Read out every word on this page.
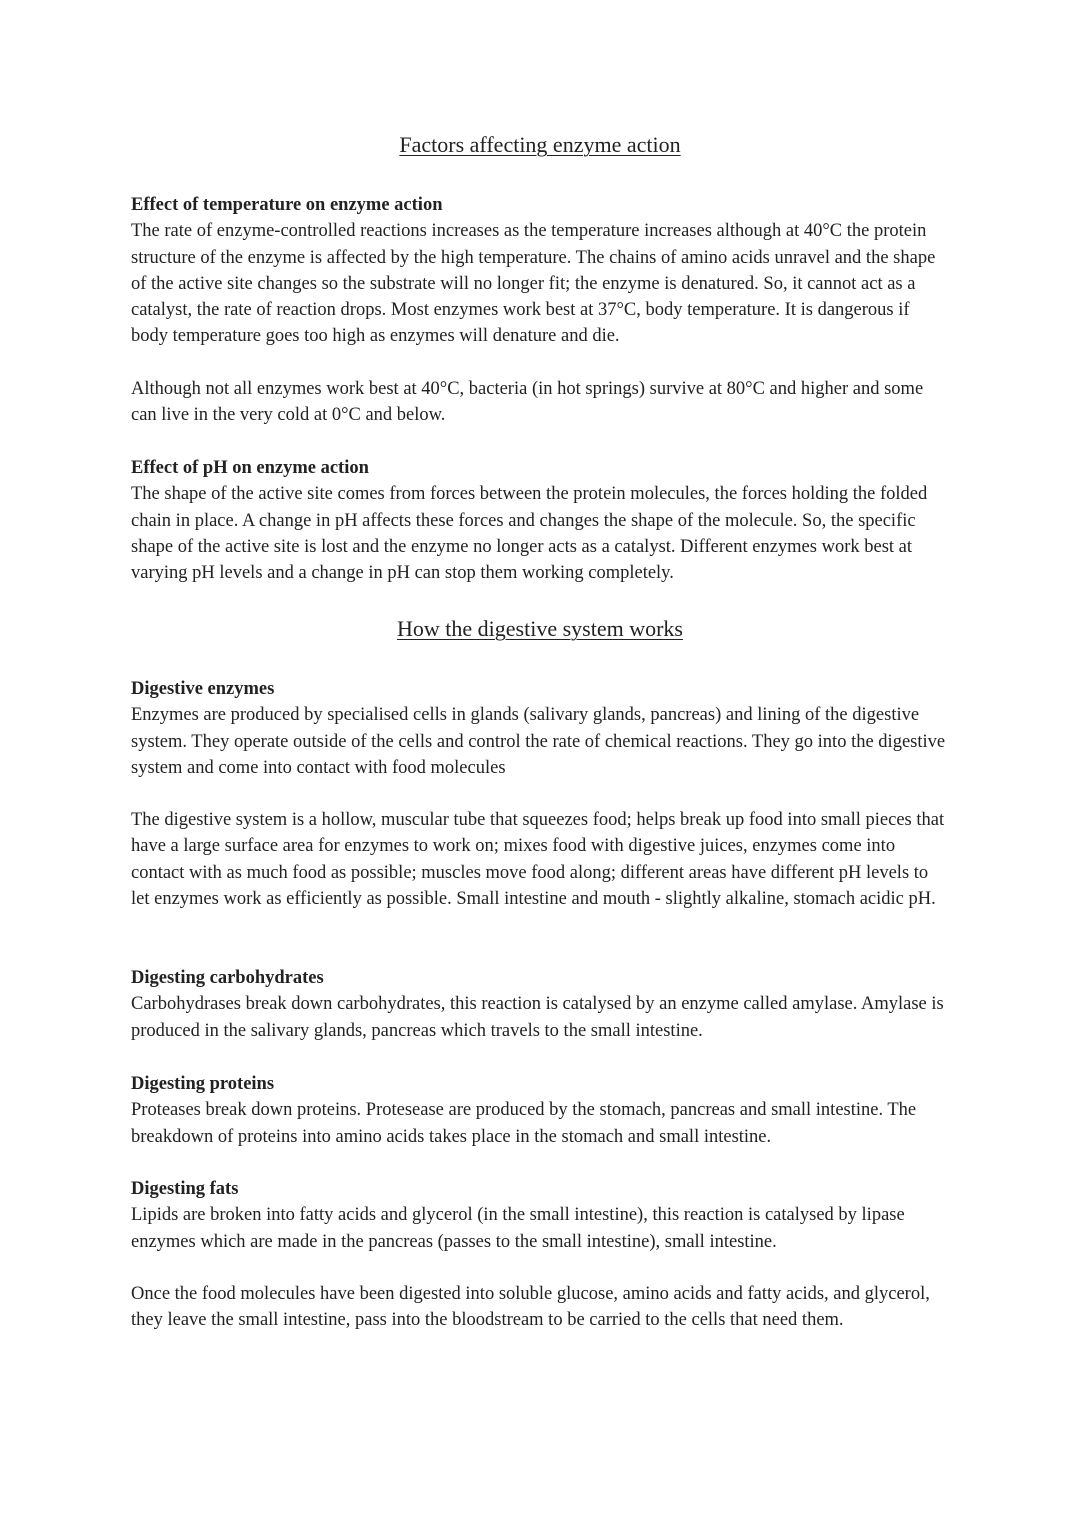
Factors affecting enzyme action
Effect of temperature on enzyme action
The rate of enzyme-controlled reactions increases as the temperature increases although at 40°C the protein structure of the enzyme is affected by the high temperature. The chains of amino acids unravel and the shape of the active site changes so the substrate will no longer fit; the enzyme is denatured. So, it cannot act as a catalyst, the rate of reaction drops. Most enzymes work best at 37°C, body temperature. It is dangerous if body temperature goes too high as enzymes will denature and die.
Although not all enzymes work best at 40°C, bacteria (in hot springs) survive at 80°C and higher and some can live in the very cold at 0°C and below.
Effect of pH on enzyme action
The shape of the active site comes from forces between the protein molecules, the forces holding the folded chain in place. A change in pH affects these forces and changes the shape of the molecule. So, the specific shape of the active site is lost and the enzyme no longer acts as a catalyst. Different enzymes work best at varying pH levels and a change in pH can stop them working completely.
How the digestive system works
Digestive enzymes
Enzymes are produced by specialised cells in glands (salivary glands, pancreas) and lining of the digestive system. They operate outside of the cells and control the rate of chemical reactions. They go into the digestive system and come into contact with food molecules
The digestive system is a hollow, muscular tube that squeezes food; helps break up food into small pieces that have a large surface area for enzymes to work on; mixes food with digestive juices, enzymes come into contact with as much food as possible; muscles move food along; different areas have different pH levels to let enzymes work as efficiently as possible. Small intestine and mouth - slightly alkaline, stomach acidic pH.
Digesting carbohydrates
Carbohydrases break down carbohydrates, this reaction is catalysed by an enzyme called amylase. Amylase is produced in the salivary glands, pancreas which travels to the small intestine.
Digesting proteins
Proteases break down proteins. Protesease are produced by the stomach, pancreas and small intestine. The breakdown of proteins into amino acids takes place in the stomach and small intestine.
Digesting fats
Lipids are broken into fatty acids and glycerol (in the small intestine), this reaction is catalysed by lipase enzymes which are made in the pancreas (passes to the small intestine), small intestine.
Once the food molecules have been digested into soluble glucose, amino acids and fatty acids, and glycerol, they leave the small intestine, pass into the bloodstream to be carried to the cells that need them.
